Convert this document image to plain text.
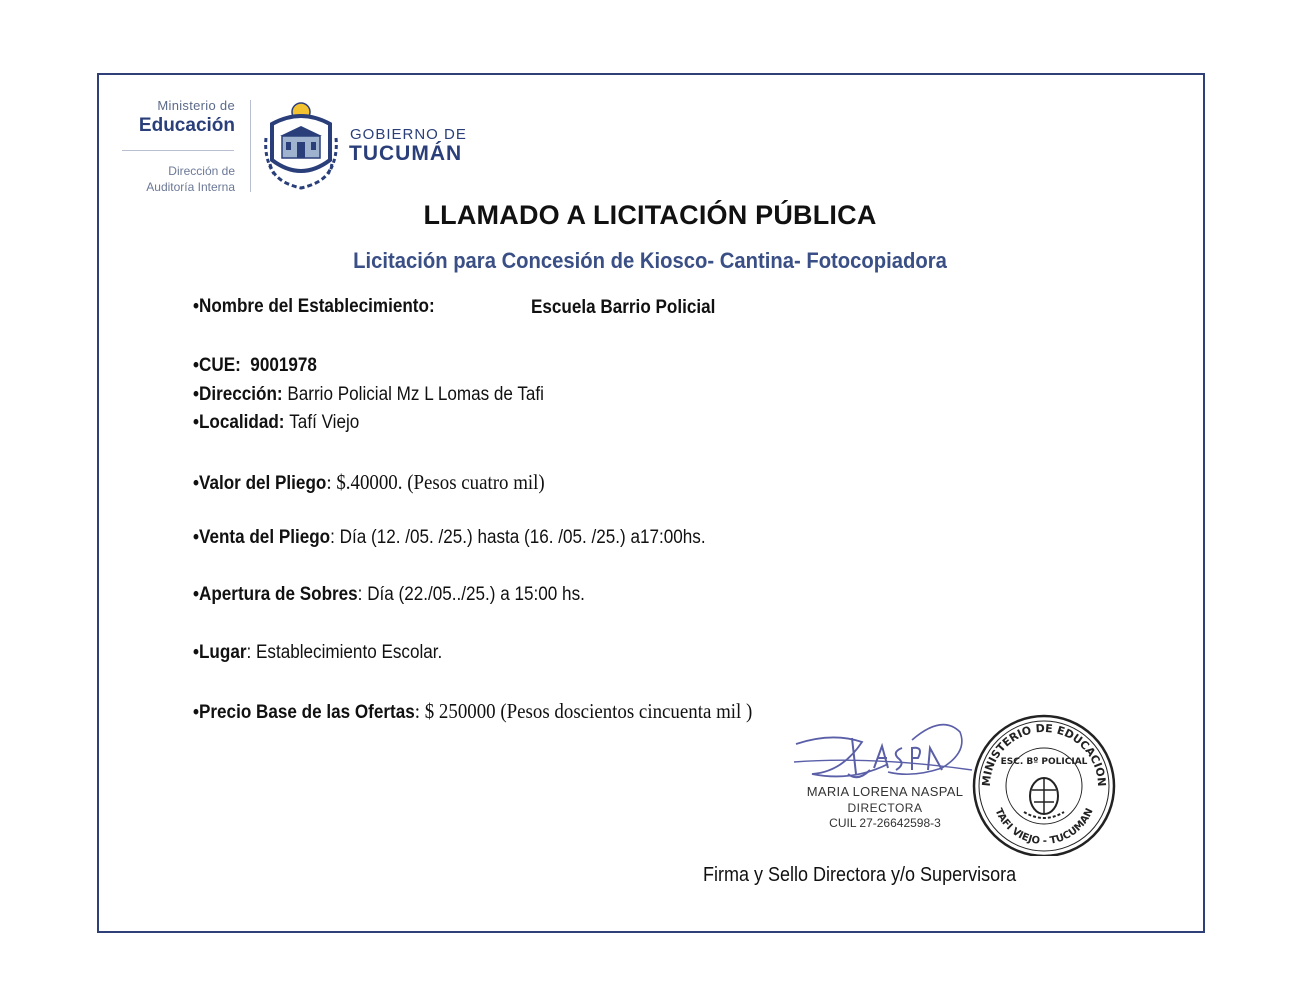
Ministerio de
Educación
Dirección de
Auditoría Interna
GOBIERNO DE
TUCUMÁN
LLAMADO A LICITACIÓN PÚBLICA
Licitación para Concesión de Kiosco- Cantina- Fotocopiadora
•Nombre del Establecimiento:	Escuela Barrio Policial
•CUE: 9001978
•Dirección: Barrio Policial Mz L Lomas de Tafi
•Localidad: Tafí Viejo
•Valor del Pliego: $.40000. (Pesos cuatro mil)
•Venta del Pliego: Día (12. /05. /25.) hasta (16. /05. /25.) a17:00hs.
•Apertura de Sobres: Día (22./05../25.) a 15:00 hs.
•Lugar: Establecimiento Escolar.
•Precio Base de las Ofertas: $ 250000 (Pesos doscientos cincuenta mil )
MARIA LORENA NASPAL
DIRECTORA
CUIL 27-26642598-3
MINISTERIO DE EDUCACION
TAFI VIEJO - TUCUMAN
ESC. Bº POLICIAL
Firma y Sello Directora y/o Supervisora
